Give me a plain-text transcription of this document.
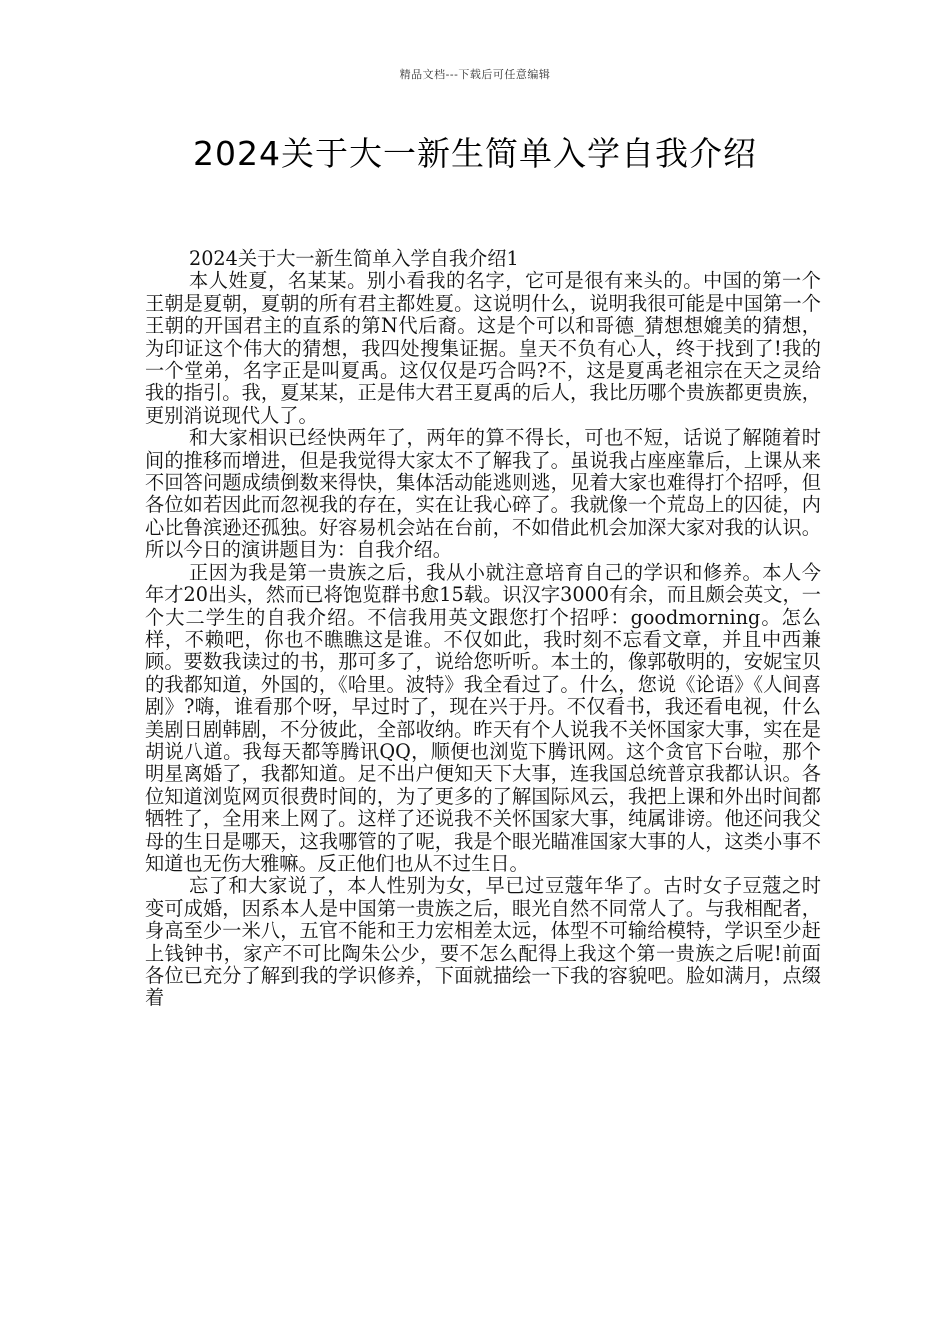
精品文档---下载后可任意编辑
2024关于大一新生简单入学自我介绍

2024关于大一新生简单入学自我介绍1

本人姓夏，名某某。别小看我的名字，它可是很有来头的。中国的第一个王朝是夏朝，夏朝的所有君主都姓夏。这说明什么，说明我很可能是中国第一个王朝的开国君主的直系的第N代后裔。这是个可以和哥德_猜想想媲美的猜想，为印证这个伟大的猜想，我四处搜集证据。皇天不负有心人，终于找到了!我的一个堂弟，名字正是叫夏禹。这仅仅是巧合吗?不，这是夏禹老祖宗在天之灵给我的指引。我，夏某某，正是伟大君王夏禹的后人，我比历哪个贵族都更贵族，更别消说现代人了。

和大家相识已经快两年了，两年的算不得长，可也不短，话说了解随着时间的推移而增进，但是我觉得大家太不了解我了。虽说我占座座靠后，上课从来不回答问题成绩倒数来得快，集体活动能逃则逃，见着大家也难得打个招呼，但各位如若因此而忽视我的存在，实在让我心碎了。我就像一个荒岛上的囚徒，内心比鲁滨逊还孤独。好容易机会站在台前，不如借此机会加深大家对我的认识。所以今日的演讲题目为：自我介绍。

正因为我是第一贵族之后，我从小就注意培育自己的学识和修养。本人今年才20出头，然而已将饱览群书愈15载。识汉字3000有余，而且颇会英文，一个大二学生的自我介绍。不信我用英文跟您打个招呼：goodmorning。怎么样，不赖吧，你也不瞧瞧这是谁。不仅如此，我时刻不忘看文章，并且中西兼顾。要数我读过的书，那可多了，说给您听听。本土的，像郭敬明的，安妮宝贝的我都知道，外国的，《哈里。波特》我全看过了。什么，您说《论语》《人间喜剧》?嗨，谁看那个呀，早过时了，现在兴于丹。不仅看书，我还看电视，什么美剧日剧韩剧，不分彼此，全部收纳。昨天有个人说我不关怀国家大事，实在是胡说八道。我每天都等腾讯QQ，顺便也浏览下腾讯网。这个贪官下台啦，那个明星离婚了，我都知道。足不出户便知天下大事，连我国总统普京我都认识。各位知道浏览网页很费时间的，为了更多的了解国际风云，我把上课和外出时间都牺牲了，全用来上网了。这样了还说我不关怀国家大事，纯属诽谤。他还问我父母的生日是哪天，这我哪管的了呢，我是个眼光瞄准国家大事的人，这类小事不知道也无伤大雅嘛。反正他们也从不过生日。

忘了和大家说了，本人性别为女，早已过豆蔻年华了。古时女子豆蔻之时变可成婚，因系本人是中国第一贵族之后，眼光自然不同常人了。与我相配者，身高至少一米八，五官不能和王力宏相差太远，体型不可输给模特，学识至少赶上钱钟书，家产不可比陶朱公少，要不怎么配得上我这个第一贵族之后呢!前面各位已充分了解到我的学识修养，下面就描绘一下我的容貌吧。脸如满月，点缀着
